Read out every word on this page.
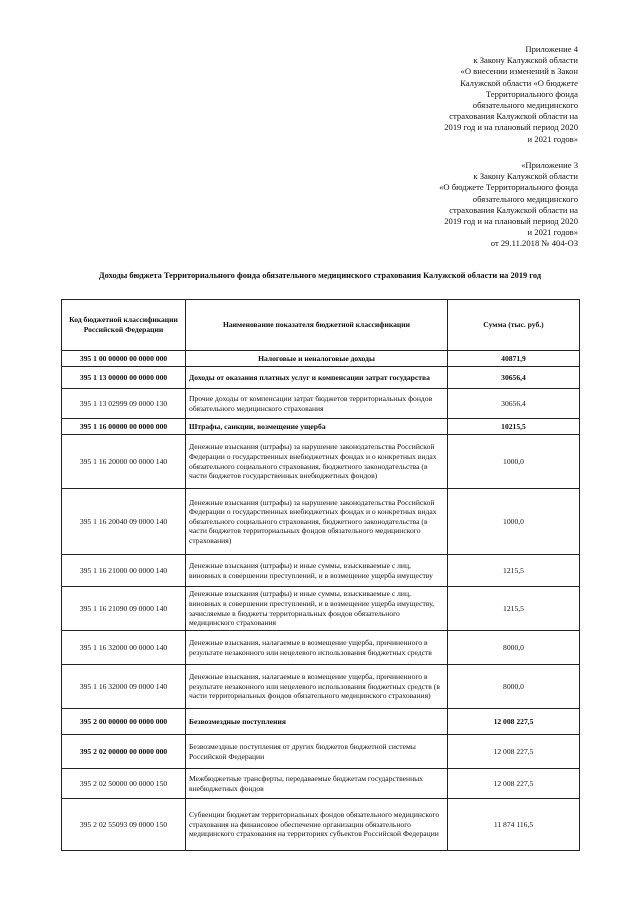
Приложение 4
к Закону Калужской области
«О внесении изменений в Закон
Калужской области «О бюджете
Территориального фонда
обязательного медицинского
страхования Калужской области на
2019 год и на плановый период 2020
и 2021 годов»
«Приложение 3
к Закону Калужской области
«О бюджете Территориального фонда
обязательного медицинского
страхования Калужской области на
2019 год и на плановый период 2020
и 2021 годов»
от 29.11.2018 № 404-ОЗ
Доходы бюджета Территориального фонда обязательного медицинского страхования Калужской области на 2019 год
Код бюджетной классификации Российской Федерации	Наименование показателя бюджетной классификации	Сумма (тыс. руб.)
395 1 00 00000 00 0000 000	Налоговые и неналоговые доходы	40871,9
395 1 13 00000 00 0000 000	Доходы от оказания платных услуг и компенсации затрат государства	30656,4
395 1 13 02999 09 0000 130	Прочие доходы от компенсации затрат бюджетов территориальных фондов обязательного медицинского страхования	30656,4
395 1 16 00000 00 0000 000	Штрафы, санкции, возмещение ущерба	10215,5
395 1 16 20000 00 0000 140	Денежные взыскания (штрафы) за нарушение законодательства Российской Федерации о государственных внебюджетных фондах и о конкретных видах обязательного социального страхования, бюджетного законодательства (в части бюджетов государственных внебюджетных фондов)	1000,0
395 1 16 20040 09 0000 140	Денежные взыскания (штрафы) за нарушение законодательства Российской Федерации о государственных внебюджетных фондах и о конкретных видах обязательного социального страхования, бюджетного законодательства (в части бюджетов территориальных фондов обязательного медицинского страхования)	1000,0
395 1 16 21000 00 0000 140	Денежные взыскания (штрафы) и иные суммы, взыскиваемые с лиц, виновных в совершении преступлений, и в возмещение ущерба имуществу	1215,5
395 1 16 21090 09 0000 140	Денежные взыскания (штрафы) и иные суммы, взыскиваемые с лиц, виновных в совершении преступлений, и в возмещение ущерба имуществу, зачисляемые в бюджеты территориальных фондов обязательного медицинского страхования	1215,5
395 1 16 32000 00 0000 140	Денежные взыскания, налагаемые в возмещение ущерба, причиненного в результате незаконного или нецелевого использования бюджетных средств	8000,0
395 1 16 32000 09 0000 140	Денежные взыскания, налагаемые в возмещение ущерба, причиненного в результате незаконного или нецелевого использования бюджетных средств (в части территориальных фондов обязательного медицинского страхования)	8000,0
395 2 00 00000 00 0000 000	Безвозмездные поступления	12 008 227,5
395 2 02 00000 00 0000 000	Безвозмездные поступления от других бюджетов бюджетной системы Российской Федерации	12 008 227,5
395 2 02 50000 00 0000 150	Межбюджетные трансферты, передаваемые бюджетам государственных внебюджетных фондов	12 008 227,5
395 2 02 55093 09 0000 150	Субвенции бюджетам территориальных фондов обязательного медицинского страхования на финансовое обеспечение организации обязательного медицинского страхования на территориях субъектов Российской Федерации	11 874 116,5
